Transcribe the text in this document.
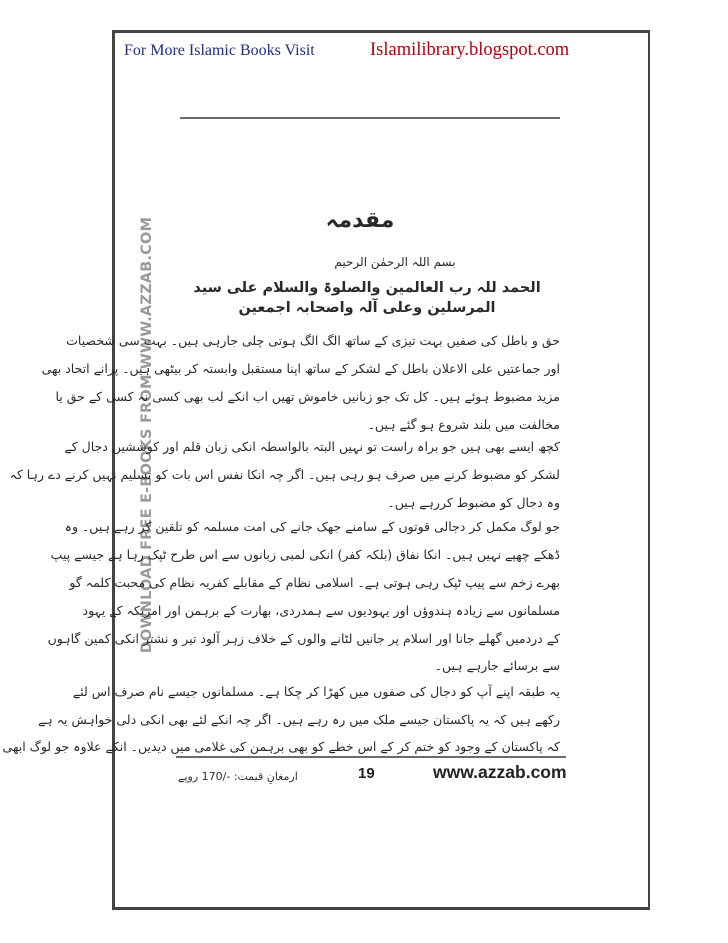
For More Islamic Books Visit	Islamilibrary.blogspot.com
DOWNLOAD FREE E-BOOKS FROM WWW.AZZAB.COM	مقدمہ
بسم اللہ الرحمٰن الرحیم
الحمد للہ رب العالمین والصلوۃ والسلام علی سید المرسلین وعلی آلہ واصحابہ اجمعین
حق و باطل کی صفیں بہت تیزی کے ساتھ الگ الگ ہوتی چلی جارہی ہیں۔ بہت سی شخصیات
اور جماعتیں علی الاعلان باطل کے لشکر کے ساتھ اپنا مستقبل وابستہ کر بیٹھی ہیں۔ پرانے اتحاد بھی
مزید مضبوط ہوئے ہیں۔ کل تک جو زبانیں خاموش تھیں اب انکے لب بھی کسی نہ کسی کے حق یا
مخالفت میں بلند شروع ہو گئے ہیں۔
کچھ ایسے بھی ہیں جو براہ راست تو نہیں البتہ بالواسطہ انکی زبان قلم اور کوششیں دجال کے
لشکر کو مضبوط کرنے میں صرف ہو رہی ہیں۔ اگر چہ انکا نفس اس بات کو تسلیم نہیں کرنے دے رہا کہ
وہ دجال کو مضبوط کررہے ہیں۔
جو لوگ مکمل کر دجالی قوتوں کے سامنے جھک جانے کی امت مسلمہ کو تلقین کر رہے ہیں۔ وہ
ڈھکے چھپے نہیں ہیں۔ انکا نفاق (بلکہ کفر) انکی لمبی زبانوں سے اس طرح ٹپک رہا ہے جیسے پیپ
بھرے زخم سے پیپ ٹپک رہی ہوتی ہے۔ اسلامی نظام کے مقابلے کفریہ نظام کی محبت کلمہ گو
مسلمانوں سے زیادہ ہندوؤں اور یہودیوں سے ہمدردی، بھارت کے برہمن اور امریکہ کے یہود
کے دردمیں گھلے جانا اور اسلام پر جانیں لٹانے والوں کے خلاف زہر آلود تیر و نشتر انکی کمین گاہوں
سے برسائے جارہے ہیں۔
یہ طبقہ اپنے آپ کو دجال کی صفوں میں کھڑا کر چکا ہے۔ مسلمانوں جیسے نام صرف اس لئے
رکھے ہیں کہ یہ پاکستان جیسے ملک میں رہ رہے ہیں۔ اگر چہ انکے لئے بھی انکی دلی خواہش یہ ہے
کہ پاکستان کے وجود کو ختم کر کے اس خطے کو بھی برہمن کی غلامی میں دیدیں۔ انکے علاوہ جو لوگ ابھی
ارمغانِ قیمت: -/170 روپے	19	www.azzab.com
